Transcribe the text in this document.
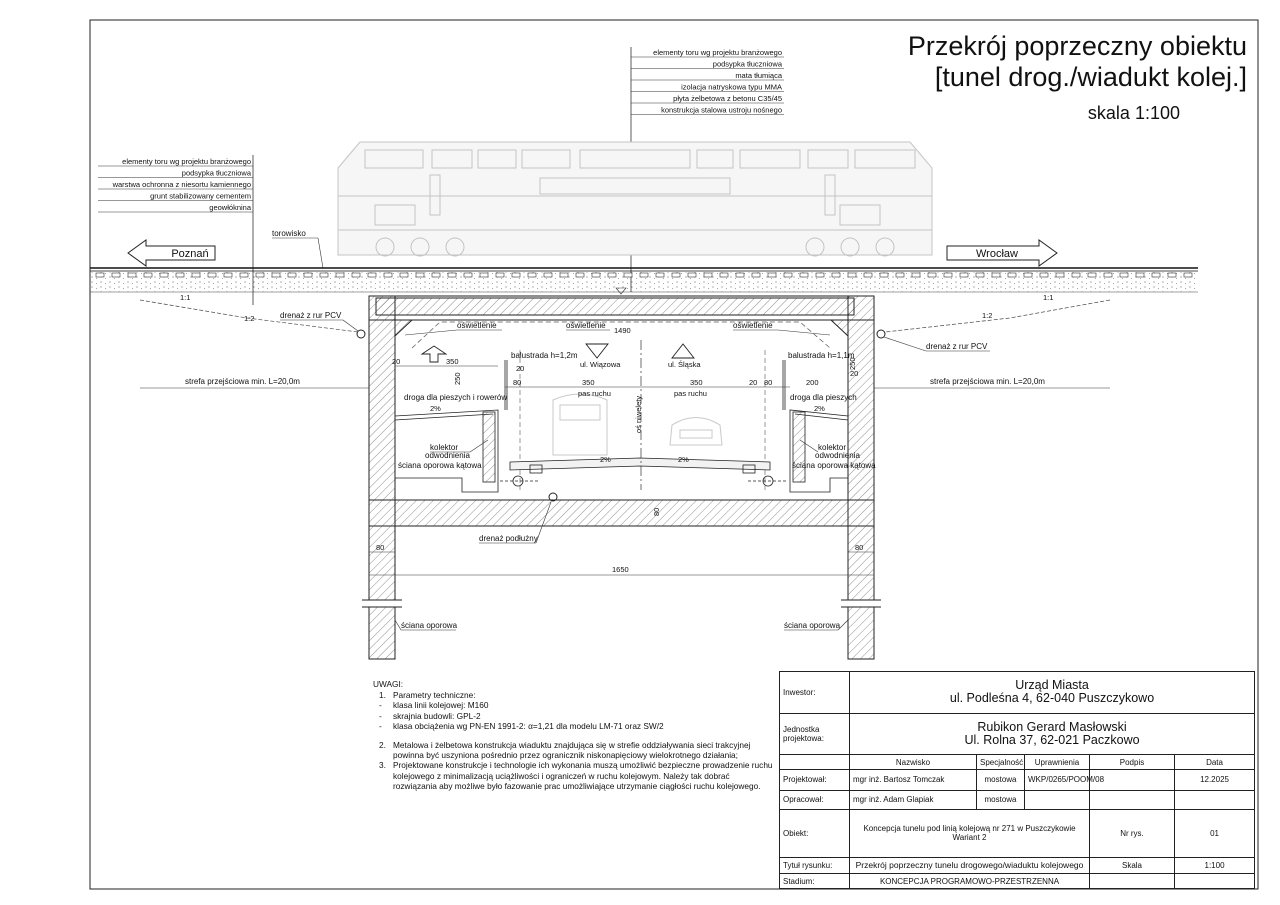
Przekrój poprzeczny obiektu
[tunel drog./wiadukt kolej.]
skala 1:100
elementy toru wg projektu branżowego
podsypka tłuczniowa
warstwa ochronna z niesortu kamiennego
grunt stabilizowany cementem
geowłóknina
elementy toru wg projektu branżowego
podsypka tłuczniowa
mata tłumiąca
izolacja natryskowa typu MMA
płyta żelbetowa z betonu C35/45
konstrukcja stalowa ustroju nośnego
Poznań	Wrocław
torowisko
1:1
1:2
1:1
1:2
drenaż z rur PCV
drenaż z rur PCV
oświetlenie	oświetlenie	oświetlenie
1490
ul. Wiązowa	ul. Śląska
balustrada h=1,2m	balustrada h=1,1m
20	350
250
20
80	350	350	20 80	200
20
250
pas ruchu	pas ruchu
oś niwelety
strefa przejściowa min. L=20,0m	strefa przejściowa min. L=20,0m
droga dla pieszych i rowerów
2%
droga dla pieszych
2%
2%	2%
kolektor
odwodnienia
ściana oporowa kątowa
kolektor
odwodnienia
ściana oporowa kątowa
drenaż podłużny
80
80	80
1650
ściana oporowa	ściana oporowa
UWAGI:
1. Parametry techniczne:
-	klasa linii kolejowej: M160
-	skrajnia budowli: GPL-2
-	klasa obciążenia wg PN-EN 1991-2: α=1,21 dla modelu LM-71 oraz SW/2
2. Metalowa i żelbetowa konstrukcja wiaduktu znajdująca się w strefie oddziaływania sieci trakcyjnej powinna być uszyniona pośrednio przez ogranicznik niskonapięciowy wielokrotnego działania;
3. Projektowane konstrukcje i technologie ich wykonania muszą umożliwić bezpieczne prowadzenie ruchu kolejowego z minimalizacją uciążliwości i ograniczeń w ruchu kolejowym. Należy tak dobrać rozwiązania aby możliwe było fazowanie prac umożliwiające utrzymanie ciągłości ruchu kolejowego.
Inwestor:	Urząd Miasta
ul. Podleśna 4, 62-040 Puszczykowo				

Jednostka projektowa:	Rubikon Gerard Masłowski
Ul. Rolna 37, 62-021 Paczkowo				

	Nazwisko	Specjalność	Uprawnienia	Podpis	Data
Projektował:	mgr inż. Bartosz Tomczak	mostowa	WKP/0265/POOM/08		12.2025
Opracował:	mgr inż. Adam Glapiak	mostowa			
Obiekt:	Koncepcja tunelu pod linią kolejową nr 271 w Puszczykowie
Wariant 2			Nr rys.	01
Tytuł rysunku:	Przekrój poprzeczny tunelu drogowego/wiaduktu kolejowego			Skala	1:100
Stadium:	KONCEPCJA PROGRAMOWO-PRZESTRZENNA				
